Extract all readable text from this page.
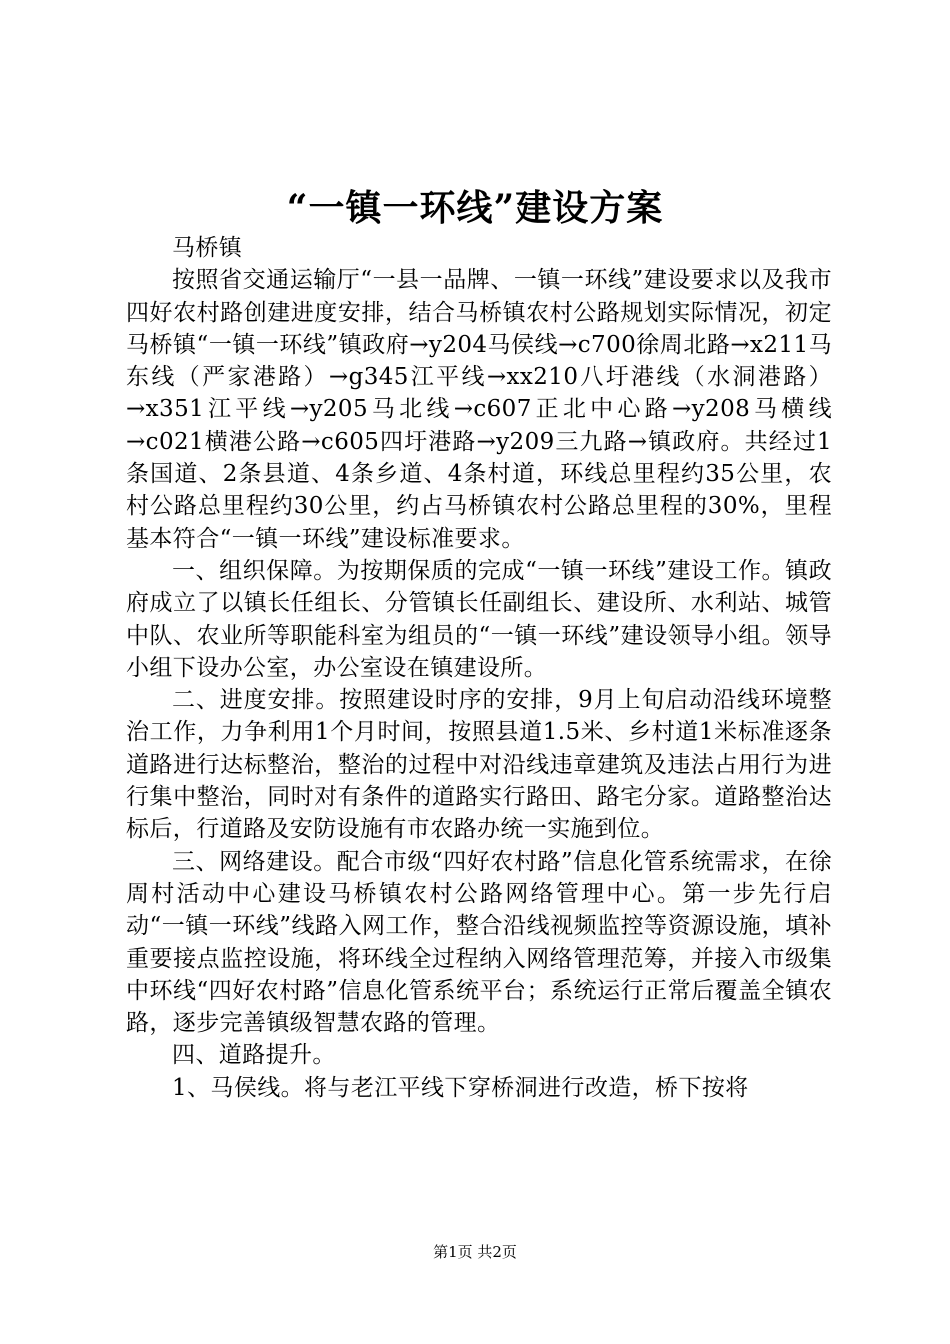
“一镇一环线”建设方案

马桥镇

按照省交通运输厅“一县一品牌、一镇一环线”建设要求以及我市四好农村路创建进度安排，结合马桥镇农村公路规划实际情况，初定马桥镇“一镇一环线”镇政府→y204马侯线→c700徐周北路→x211马东线（严家港路）→g345江平线→xx210八圩港线（水洞港路）→x351江平线→y205马北线→c607正北中心路→y208马横线→c021横港公路→c605四圩港路→y209三九路→镇政府。共经过1条国道、2条县道、4条乡道、4条村道，环线总里程约35公里，农村公路总里程约30公里，约占马桥镇农村公路总里程的30%，里程基本符合“一镇一环线”建设标准要求。

一、组织保障。为按期保质的完成“一镇一环线”建设工作。镇政府成立了以镇长任组长、分管镇长任副组长、建设所、水利站、城管中队、农业所等职能科室为组员的“一镇一环线”建设领导小组。领导小组下设办公室，办公室设在镇建设所。

二、进度安排。按照建设时序的安排，9月上旬启动沿线环境整治工作，力争利用1个月时间，按照县道1.5米、乡村道1米标准逐条道路进行达标整治，整治的过程中对沿线违章建筑及违法占用行为进行集中整治，同时对有条件的道路实行路田、路宅分家。道路整治达标后，行道路及安防设施有市农路办统一实施到位。

三、网络建设。配合市级“四好农村路”信息化管系统需求，在徐周村活动中心建设马桥镇农村公路网络管理中心。第一步先行启动“一镇一环线”线路入网工作，整合沿线视频监控等资源设施，填补重要接点监控设施，将环线全过程纳入网络管理范筹，并接入市级集中环线“四好农村路”信息化管系统平台；系统运行正常后覆盖全镇农路，逐步完善镇级智慧农路的管理。

四、道路提升。

1、马侯线。将与老江平线下穿桥洞进行改造，桥下按将

第1页 共2页
